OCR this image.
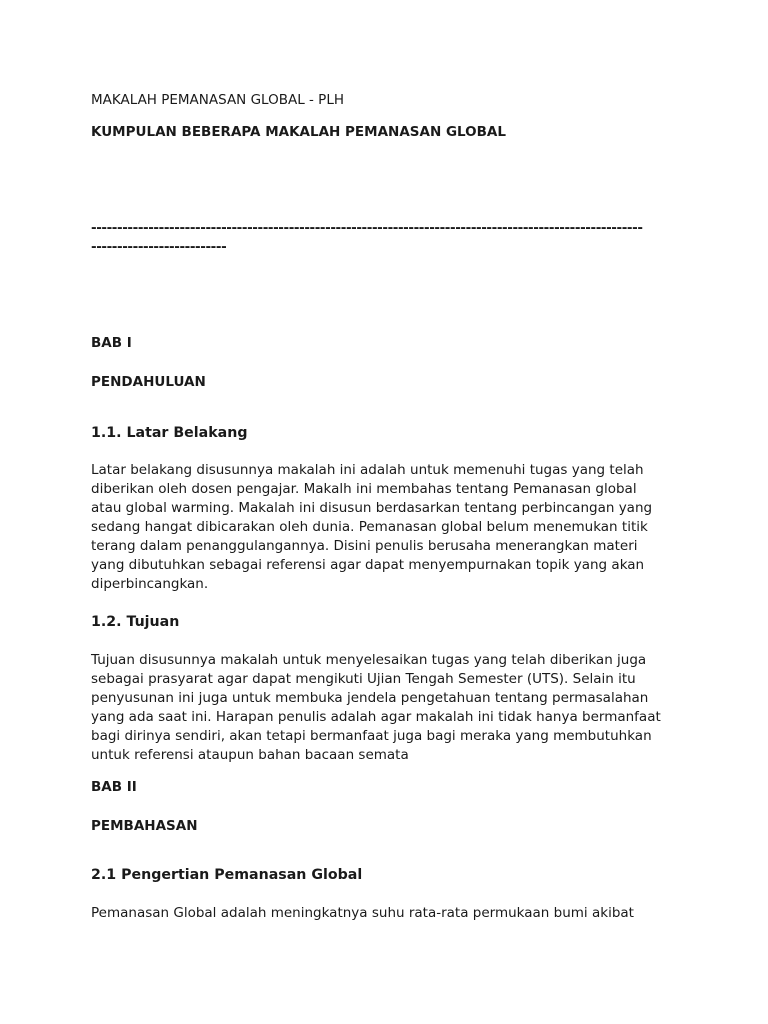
MAKALAH PEMANASAN GLOBAL - PLH

KUMPULAN BEBERAPA MAKALAH PEMANASAN GLOBAL

----------------------------------------------------------------------------------------------------------

--------------------------

BAB I

PENDAHULUAN

1.1. Latar Belakang

Latar belakang disusunnya makalah ini adalah untuk memenuhi tugas yang telah
diberikan oleh dosen pengajar. Makalh ini membahas tentang Pemanasan global
atau global warming. Makalah ini disusun berdasarkan tentang perbincangan yang
sedang hangat dibicarakan oleh dunia. Pemanasan global belum menemukan titik
terang dalam penanggulangannya. Disini penulis berusaha menerangkan materi
yang dibutuhkan sebagai referensi agar dapat menyempurnakan topik yang akan
diperbincangkan.

1.2. Tujuan

Tujuan disusunnya makalah untuk menyelesaikan tugas yang telah diberikan juga
sebagai prasyarat agar dapat mengikuti Ujian Tengah Semester (UTS). Selain itu
penyusunan ini juga untuk membuka jendela pengetahuan tentang permasalahan
yang ada saat ini. Harapan penulis adalah agar makalah ini tidak hanya bermanfaat
bagi dirinya sendiri, akan tetapi bermanfaat juga bagi meraka yang membutuhkan
untuk referensi ataupun bahan bacaan semata

BAB II

PEMBAHASAN

2.1 Pengertian Pemanasan Global

Pemanasan Global adalah meningkatnya suhu rata-rata permukaan bumi akibat
